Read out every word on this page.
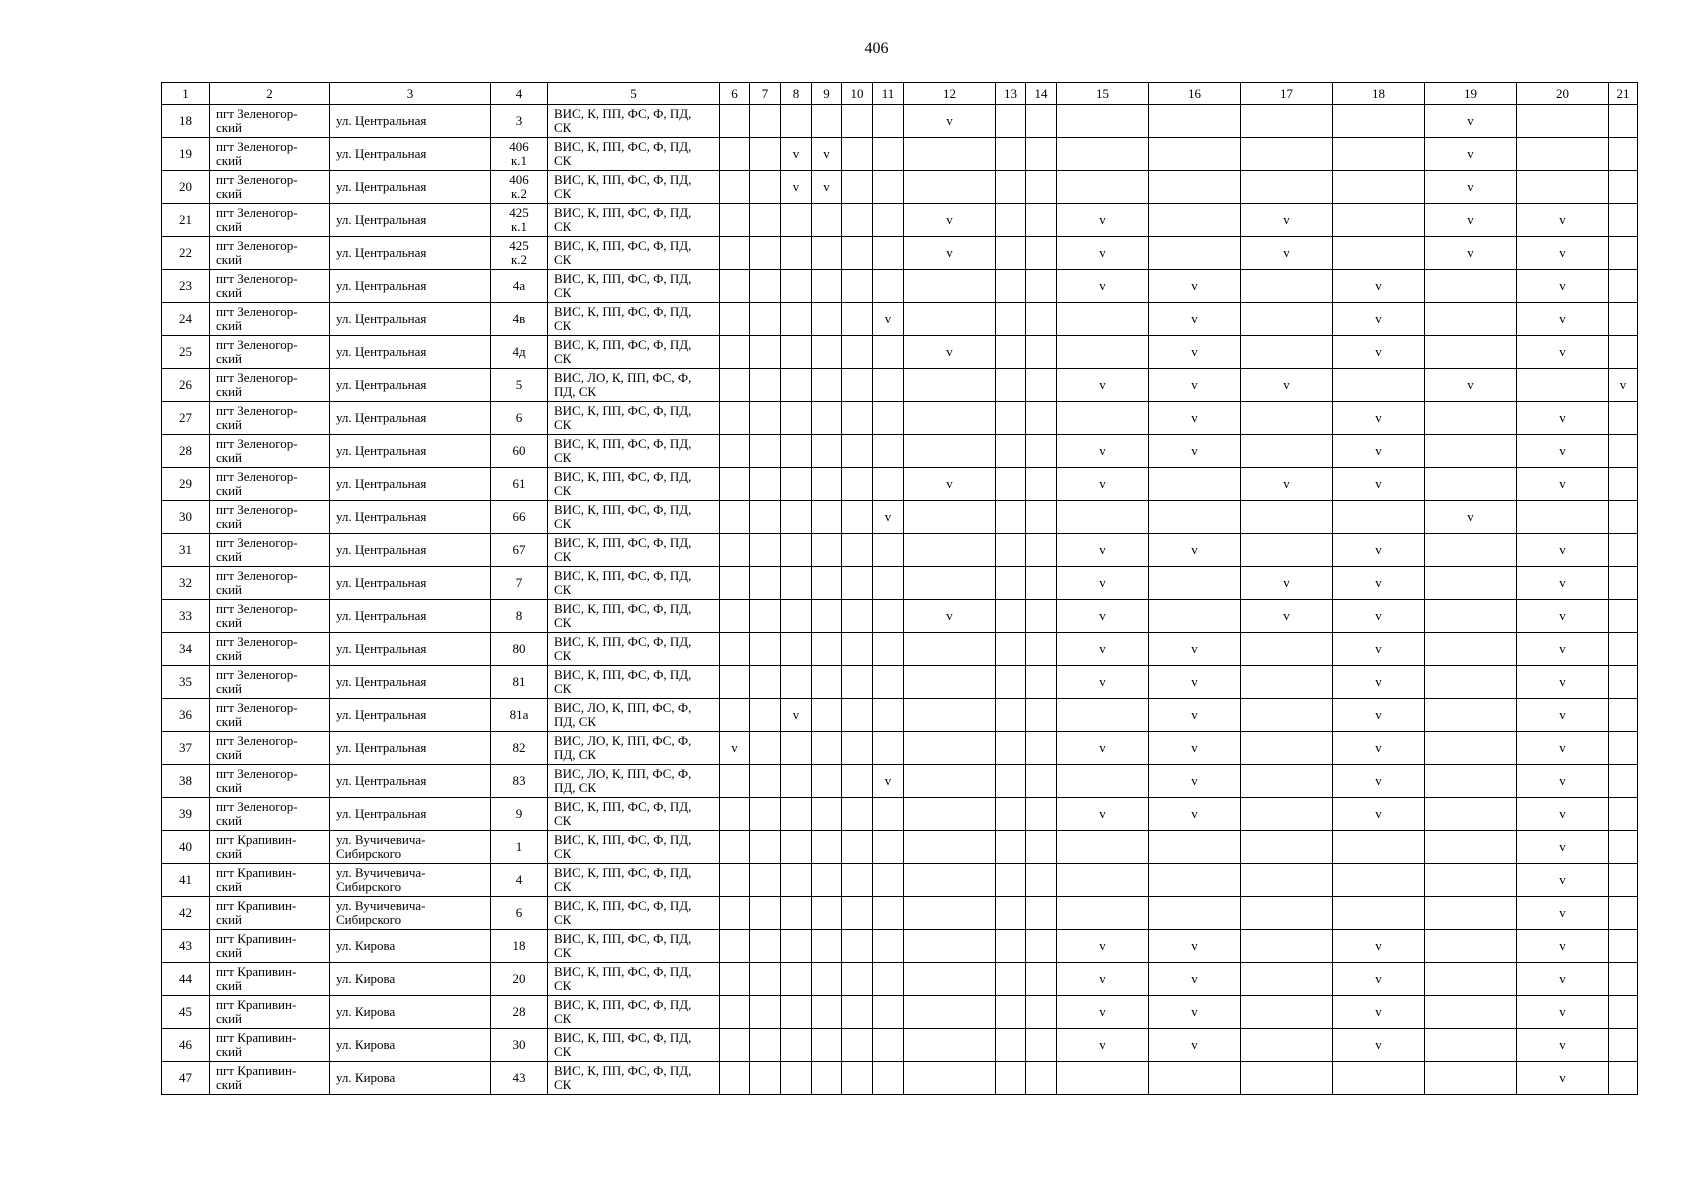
406
1	2	3	4	5	6	7	8	9	10	11	12	13	14	15	16	17	18	19	20	21
18	пгт Зеленогор-
ский	ул. Центральная	3	ВИС, К, ПП, ФС, Ф, ПД,
СК							v							v		
19	пгт Зеленогор-
ский	ул. Центральная	406
к.1	ВИС, К, ПП, ФС, Ф, ПД,
СК			v	v										v		
20	пгт Зеленогор-
ский	ул. Центральная	406
к.2	ВИС, К, ПП, ФС, Ф, ПД,
СК			v	v										v		
21	пгт Зеленогор-
ский	ул. Центральная	425
к.1	ВИС, К, ПП, ФС, Ф, ПД,
СК							v			v		v		v	v	
22	пгт Зеленогор-
ский	ул. Центральная	425
к.2	ВИС, К, ПП, ФС, Ф, ПД,
СК							v			v		v		v	v	
23	пгт Зеленогор-
ский	ул. Центральная	4а	ВИС, К, ПП, ФС, Ф, ПД,
СК										v	v		v		v	
24	пгт Зеленогор-
ский	ул. Центральная	4в	ВИС, К, ПП, ФС, Ф, ПД,
СК						v					v		v		v	
25	пгт Зеленогор-
ский	ул. Центральная	4д	ВИС, К, ПП, ФС, Ф, ПД,
СК							v				v		v		v	
26	пгт Зеленогор-
ский	ул. Центральная	5	ВИС, ЛО, К, ПП, ФС, Ф,
ПД, СК										v	v	v		v		v
27	пгт Зеленогор-
ский	ул. Центральная	6	ВИС, К, ПП, ФС, Ф, ПД,
СК											v		v		v	
28	пгт Зеленогор-
ский	ул. Центральная	60	ВИС, К, ПП, ФС, Ф, ПД,
СК										v	v		v		v	
29	пгт Зеленогор-
ский	ул. Центральная	61	ВИС, К, ПП, ФС, Ф, ПД,
СК							v			v		v	v		v	
30	пгт Зеленогор-
ский	ул. Центральная	66	ВИС, К, ПП, ФС, Ф, ПД,
СК						v								v		
31	пгт Зеленогор-
ский	ул. Центральная	67	ВИС, К, ПП, ФС, Ф, ПД,
СК										v	v		v		v	
32	пгт Зеленогор-
ский	ул. Центральная	7	ВИС, К, ПП, ФС, Ф, ПД,
СК										v		v	v		v	
33	пгт Зеленогор-
ский	ул. Центральная	8	ВИС, К, ПП, ФС, Ф, ПД,
СК							v			v		v	v		v	
34	пгт Зеленогор-
ский	ул. Центральная	80	ВИС, К, ПП, ФС, Ф, ПД,
СК										v	v		v		v	
35	пгт Зеленогор-
ский	ул. Центральная	81	ВИС, К, ПП, ФС, Ф, ПД,
СК										v	v		v		v	
36	пгт Зеленогор-
ский	ул. Центральная	81а	ВИС, ЛО, К, ПП, ФС, Ф,
ПД, СК			v								v		v		v	
37	пгт Зеленогор-
ский	ул. Центральная	82	ВИС, ЛО, К, ПП, ФС, Ф,
ПД, СК	v									v	v		v		v	
38	пгт Зеленогор-
ский	ул. Центральная	83	ВИС, ЛО, К, ПП, ФС, Ф,
ПД, СК						v					v		v		v	
39	пгт Зеленогор-
ский	ул. Центральная	9	ВИС, К, ПП, ФС, Ф, ПД,
СК										v	v		v		v	
40	пгт Крапивин-
ский	ул. Вучичевича-
Сибирского	1	ВИС, К, ПП, ФС, Ф, ПД,
СК															v	
41	пгт Крапивин-
ский	ул. Вучичевича-
Сибирского	4	ВИС, К, ПП, ФС, Ф, ПД,
СК															v	
42	пгт Крапивин-
ский	ул. Вучичевича-
Сибирского	6	ВИС, К, ПП, ФС, Ф, ПД,
СК															v	
43	пгт Крапивин-
ский	ул. Кирова	18	ВИС, К, ПП, ФС, Ф, ПД,
СК										v	v		v		v	
44	пгт Крапивин-
ский	ул. Кирова	20	ВИС, К, ПП, ФС, Ф, ПД,
СК										v	v		v		v	
45	пгт Крапивин-
ский	ул. Кирова	28	ВИС, К, ПП, ФС, Ф, ПД,
СК										v	v		v		v	
46	пгт Крапивин-
ский	ул. Кирова	30	ВИС, К, ПП, ФС, Ф, ПД,
СК										v	v		v		v	
47	пгт Крапивин-
ский	ул. Кирова	43	ВИС, К, ПП, ФС, Ф, ПД,
СК															v	
